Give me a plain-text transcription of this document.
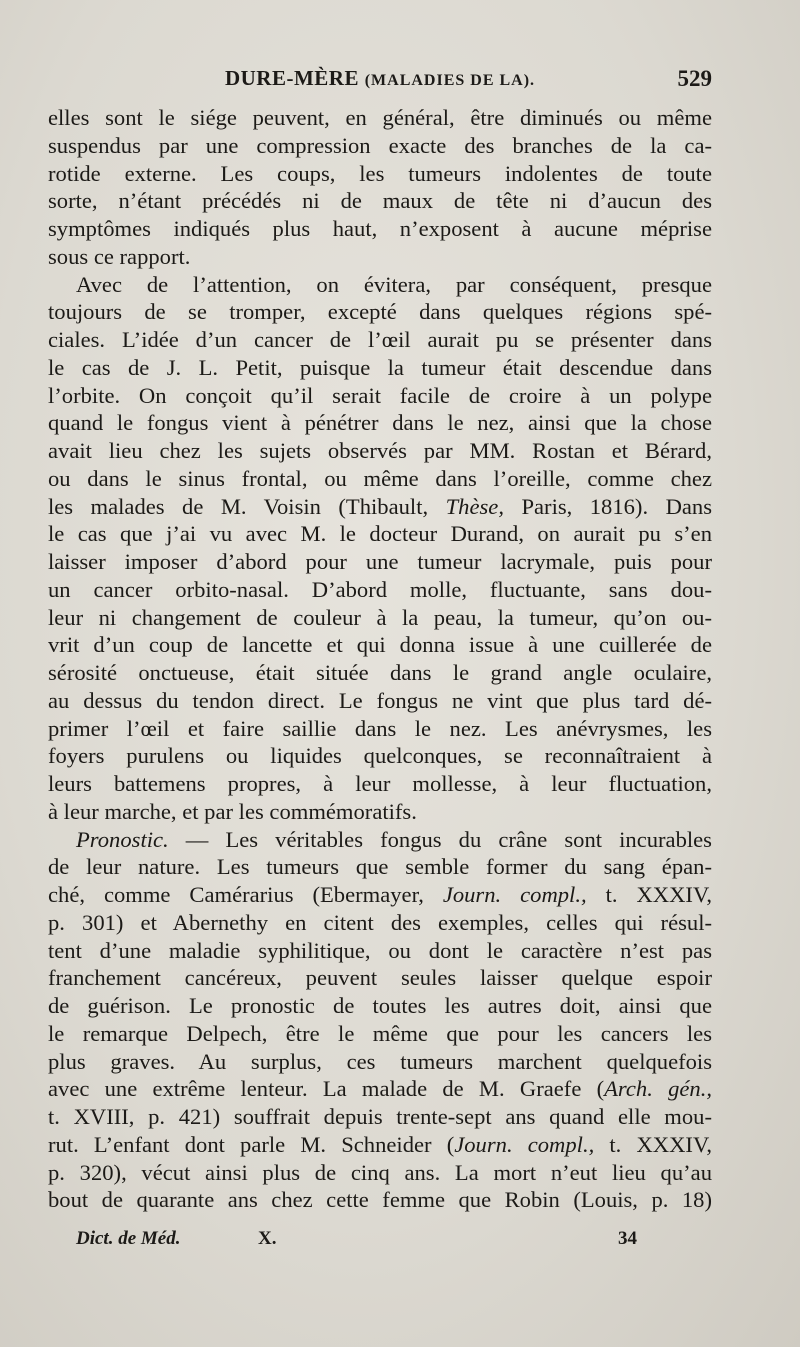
DURE-MÈRE (MALADIES DE LA).	529
elles sont le siége peuvent, en général, être diminués ou même
suspendus par une compression exacte des branches de la ca-
rotide externe. Les coups, les tumeurs indolentes de toute
sorte, n’étant précédés ni de maux de tête ni d’aucun des
symptômes indiqués plus haut, n’exposent à aucune méprise
sous ce rapport.
Avec de l’attention, on évitera, par conséquent, presque
toujours de se tromper, excepté dans quelques régions spé-
ciales. L’idée d’un cancer de l’œil aurait pu se présenter dans
le cas de J. L. Petit, puisque la tumeur était descendue dans
l’orbite. On conçoit qu’il serait facile de croire à un polype
quand le fongus vient à pénétrer dans le nez, ainsi que la chose
avait lieu chez les sujets observés par MM. Rostan et Bérard,
ou dans le sinus frontal, ou même dans l’oreille, comme chez
les malades de M. Voisin (Thibault, Thèse, Paris, 1816). Dans
le cas que j’ai vu avec M. le docteur Durand, on aurait pu s’en
laisser imposer d’abord pour une tumeur lacrymale, puis pour
un cancer orbito-nasal. D’abord molle, fluctuante, sans dou-
leur ni changement de couleur à la peau, la tumeur, qu’on ou-
vrit d’un coup de lancette et qui donna issue à une cuillerée de
sérosité onctueuse, était située dans le grand angle oculaire,
au dessus du tendon direct. Le fongus ne vint que plus tard dé-
primer l’œil et faire saillie dans le nez. Les anévrysmes, les
foyers purulens ou liquides quelconques, se reconnaîtraient à
leurs battemens propres, à leur mollesse, à leur fluctuation,
à leur marche, et par les commémoratifs.
Pronostic. — Les véritables fongus du crâne sont incurables
de leur nature. Les tumeurs que semble former du sang épan-
ché, comme Camérarius (Ebermayer, Journ. compl., t. XXXIV,
p. 301) et Abernethy en citent des exemples, celles qui résul-
tent d’une maladie syphilitique, ou dont le caractère n’est pas
franchement cancéreux, peuvent seules laisser quelque espoir
de guérison. Le pronostic de toutes les autres doit, ainsi que
le remarque Delpech, être le même que pour les cancers les
plus graves. Au surplus, ces tumeurs marchent quelquefois
avec une extrême lenteur. La malade de M. Graefe (Arch. gén.,
t. XVIII, p. 421) souffrait depuis trente-sept ans quand elle mou-
rut. L’enfant dont parle M. Schneider (Journ. compl., t. XXXIV,
p. 320), vécut ainsi plus de cinq ans. La mort n’eut lieu qu’au
bout de quarante ans chez cette femme que Robin (Louis, p. 18)
Dict. de Méd.	X.	34
